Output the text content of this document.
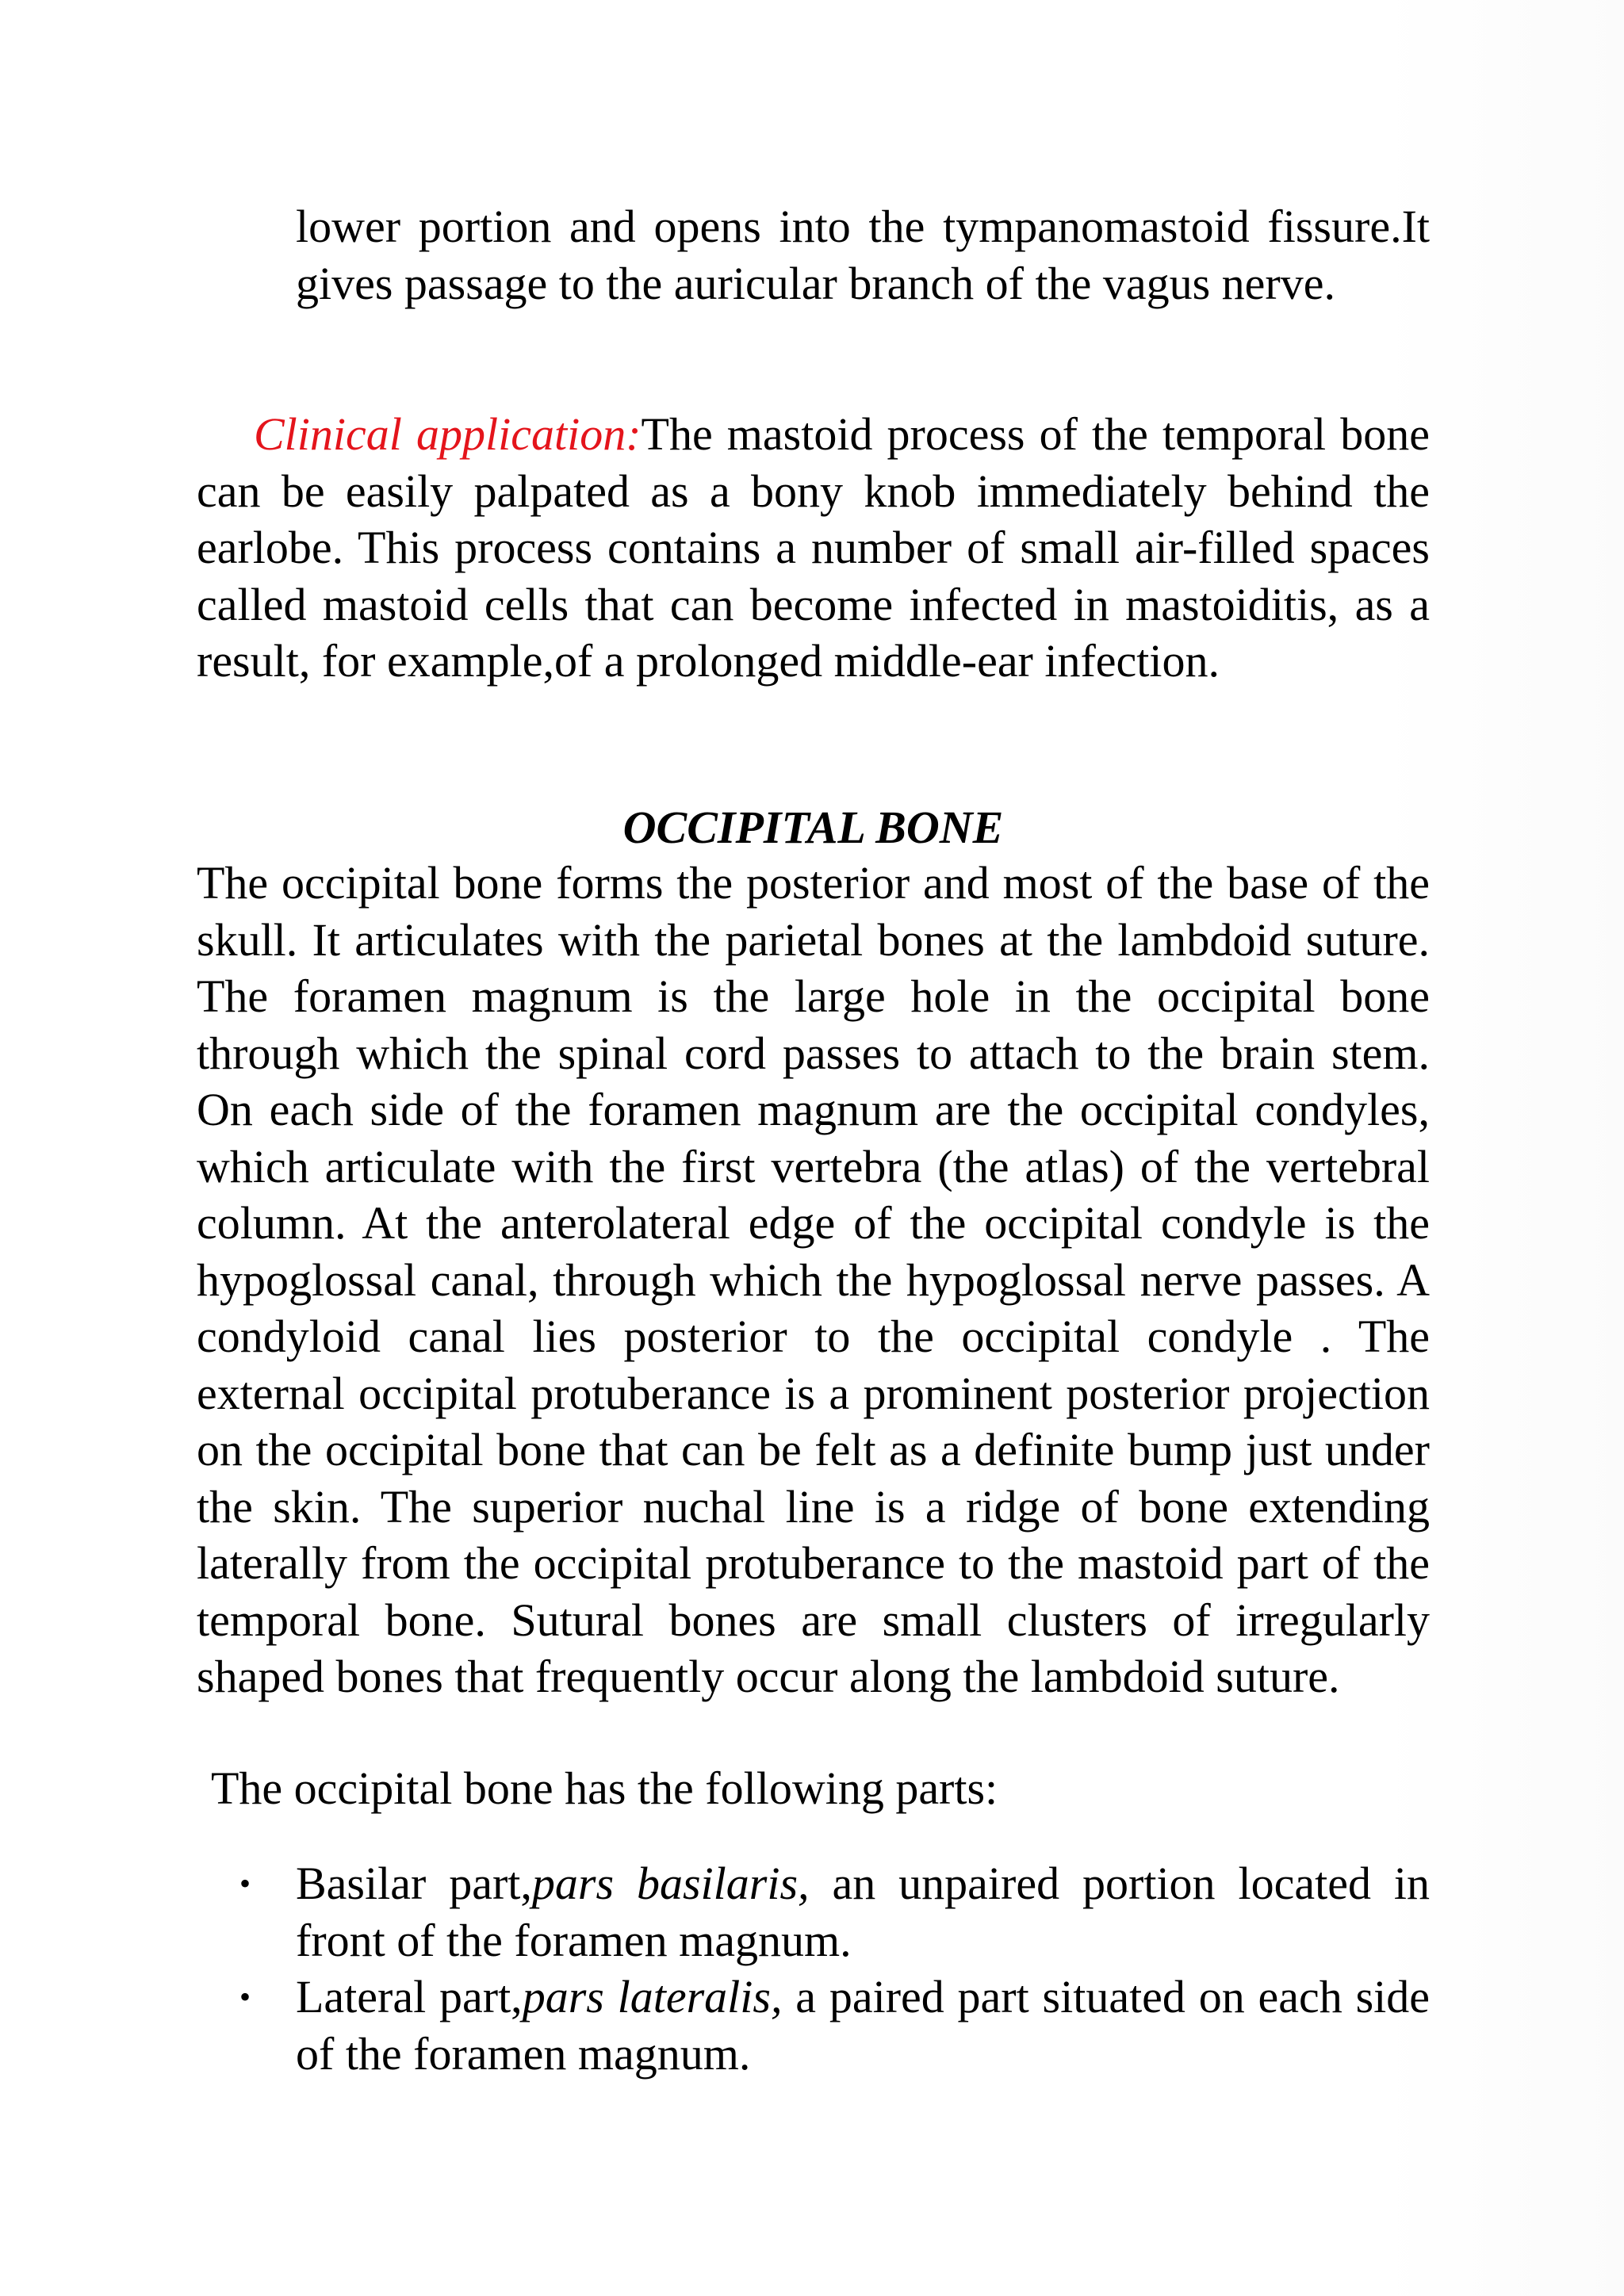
lower portion and opens into the tympanomastoid fissure.It gives passage to the auricular branch of the vagus nerve.

Clinical application:The mastoid process of the temporal bone can be easily palpated as a bony knob immediately behind the earlobe. This process contains a number of small air-filled spaces called mastoid cells that can become infected in mastoiditis, as a result, for example,of a prolonged middle-ear infection.

OCCIPITAL BONE

The occipital bone forms the posterior and most of the base of the skull. It articulates with the parietal bones at the lambdoid suture. The foramen magnum is the large hole in the occipital bone through which the spinal cord passes to attach to the brain stem. On each side of the foramen magnum are the occipital condyles, which articulate with the first vertebra (the atlas) of the vertebral column. At the anterolateral edge of the occipital condyle is the hypoglossal canal, through which the hypoglossal nerve passes. A condyloid canal lies posterior to the occipital condyle . The external occipital protuberance is a prominent posterior projection on the occipital bone that can be felt as a definite bump just under the skin. The superior nuchal line is a ridge of bone extending laterally from the occipital protuberance to the mastoid part of the temporal bone. Sutural bones are small clusters of irregularly shaped bones that frequently occur along the lambdoid suture.

The occipital bone has the following parts:

• Basilar part,pars basilaris, an unpaired portion located in front of the foramen magnum.
• Lateral part,pars lateralis, a paired part situated on each side of the foramen magnum.
